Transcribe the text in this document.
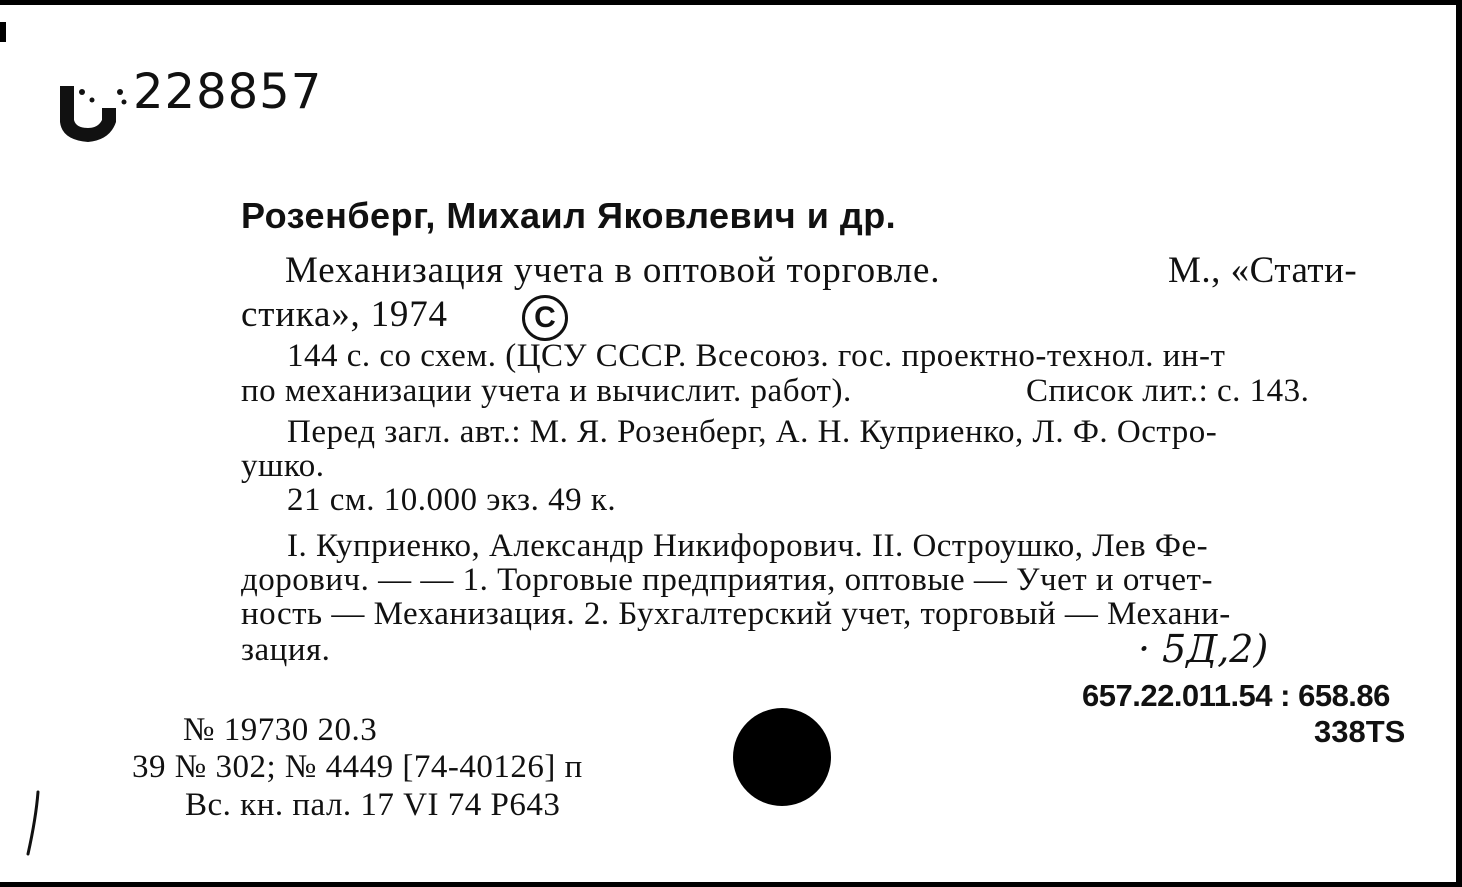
228857
Розенберг, Михаил Яковлевич и др.
Механизация учета в оптовой торговле.	М., «Стати-
стика», 1974	С
144 с. со схем. (ЦСУ СССР. Всесоюз. гос. проектно-технол. ин-т
по механизации учета и вычислит. работ).	Список лит.: с. 143.
Перед загл. авт.: М. Я. Розенберг, А. Н. Куприенко, Л. Ф. Остро-
ушко.
21 см. 10.000 экз. 49 к.
I. Куприенко, Александр Никифорович. II. Остроушко, Лев Фе-
дорович. — — 1. Торговые предприятия, оптовые — Учет и отчет-
ность — Механизация. 2. Бухгалтерский учет, торговый — Механи-
зация.	· 5Д,2)
657.22.011.54 : 658.86
338TS
№ 19730 20.3
39 № 302; № 4449 [74-40126] п
Вс. кн. пал. 17 VI 74 Р643
